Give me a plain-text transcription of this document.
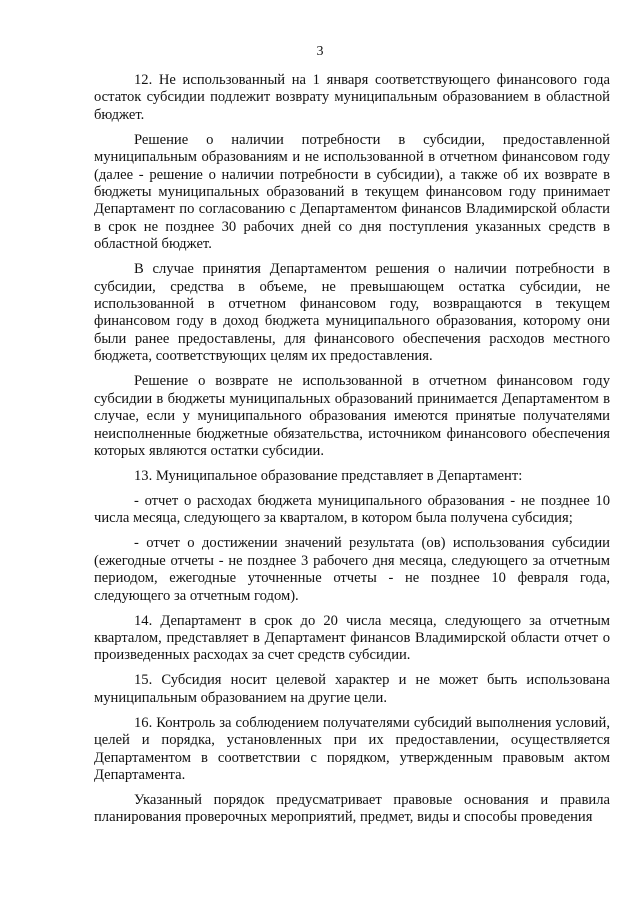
3

12. Не использованный на 1 января соответствующего финансового года остаток субсидии подлежит возврату муниципальным образованием в областной бюджет.

Решение о наличии потребности в субсидии, предоставленной муниципальным образованиям и не использованной в отчетном финансовом году (далее - решение о наличии потребности в субсидии), а также об их возврате в бюджеты муниципальных образований в текущем финансовом году принимает Департамент по согласованию с Департаментом финансов Владимирской области в срок не позднее 30 рабочих дней со дня поступления указанных средств в областной бюджет.

В случае принятия Департаментом решения о наличии потребности в субсидии, средства в объеме, не превышающем остатка субсидии, не использованной в отчетном финансовом году, возвращаются в текущем финансовом году в доход бюджета муниципального образования, которому они были ранее предоставлены, для финансового обеспечения расходов местного бюджета, соответствующих целям их предоставления.

Решение о возврате не использованной в отчетном финансовом году субсидии в бюджеты муниципальных образований принимается Департаментом в случае, если у муниципального образования имеются принятые получателями неисполненные бюджетные обязательства, источником финансового обеспечения которых являются остатки субсидии.

13. Муниципальное образование представляет в Департамент:

- отчет о расходах бюджета муниципального образования - не позднее 10 числа месяца, следующего за кварталом, в котором была получена субсидия;

- отчет о достижении значений результата (ов) использования субсидии (ежегодные отчеты - не позднее 3 рабочего дня месяца, следующего за отчетным периодом, ежегодные уточненные отчеты - не позднее 10 февраля года, следующего за отчетным годом).

14. Департамент в срок до 20 числа месяца, следующего за отчетным кварталом, представляет в Департамент финансов Владимирской области отчет о произведенных расходах за счет средств субсидии.

15. Субсидия носит целевой характер и не может быть использована муниципальным образованием на другие цели.

16. Контроль за соблюдением получателями субсидий выполнения условий, целей и порядка, установленных при их предоставлении, осуществляется Департаментом в соответствии с порядком, утвержденным правовым актом Департамента.

Указанный порядок предусматривает правовые основания и правила планирования проверочных мероприятий, предмет, виды и способы проведения
